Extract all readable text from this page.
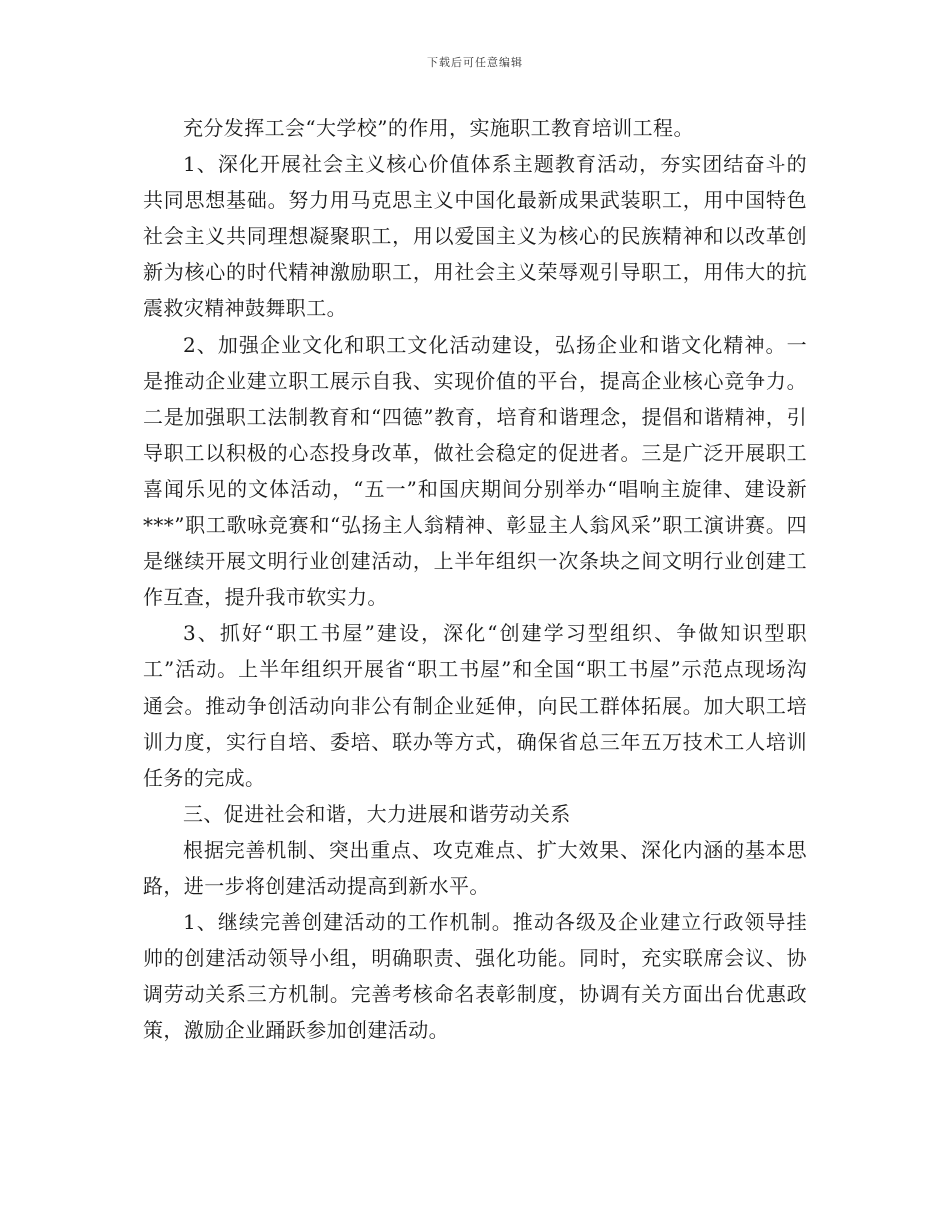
下载后可任意编辑

充分发挥工会“大学校”的作用，实施职工教育培训工程。

1、深化开展社会主义核心价值体系主题教育活动，夯实团结奋斗的共同思想基础。努力用马克思主义中国化最新成果武装职工，用中国特色社会主义共同理想凝聚职工，用以爱国主义为核心的民族精神和以改革创新为核心的时代精神激励职工，用社会主义荣辱观引导职工，用伟大的抗震救灾精神鼓舞职工。

2、加强企业文化和职工文化活动建设，弘扬企业和谐文化精神。一是推动企业建立职工展示自我、实现价值的平台，提高企业核心竞争力。二是加强职工法制教育和“四德”教育，培育和谐理念，提倡和谐精神，引导职工以积极的心态投身改革，做社会稳定的促进者。三是广泛开展职工喜闻乐见的文体活动，“五一”和国庆期间分别举办“唱响主旋律、建设新***”职工歌咏竞赛和“弘扬主人翁精神、彰显主人翁风采”职工演讲赛。四是继续开展文明行业创建活动，上半年组织一次条块之间文明行业创建工作互查，提升我市软实力。

3、抓好“职工书屋”建设，深化“创建学习型组织、争做知识型职工”活动。上半年组织开展省“职工书屋”和全国“职工书屋”示范点现场沟通会。推动争创活动向非公有制企业延伸，向民工群体拓展。加大职工培训力度，实行自培、委培、联办等方式，确保省总三年五万技术工人培训任务的完成。

三、促进社会和谐，大力进展和谐劳动关系

根据完善机制、突出重点、攻克难点、扩大效果、深化内涵的基本思路，进一步将创建活动提高到新水平。

1、继续完善创建活动的工作机制。推动各级及企业建立行政领导挂帅的创建活动领导小组，明确职责、强化功能。同时，充实联席会议、协调劳动关系三方机制。完善考核命名表彰制度，协调有关方面出台优惠政策，激励企业踊跃参加创建活动。
